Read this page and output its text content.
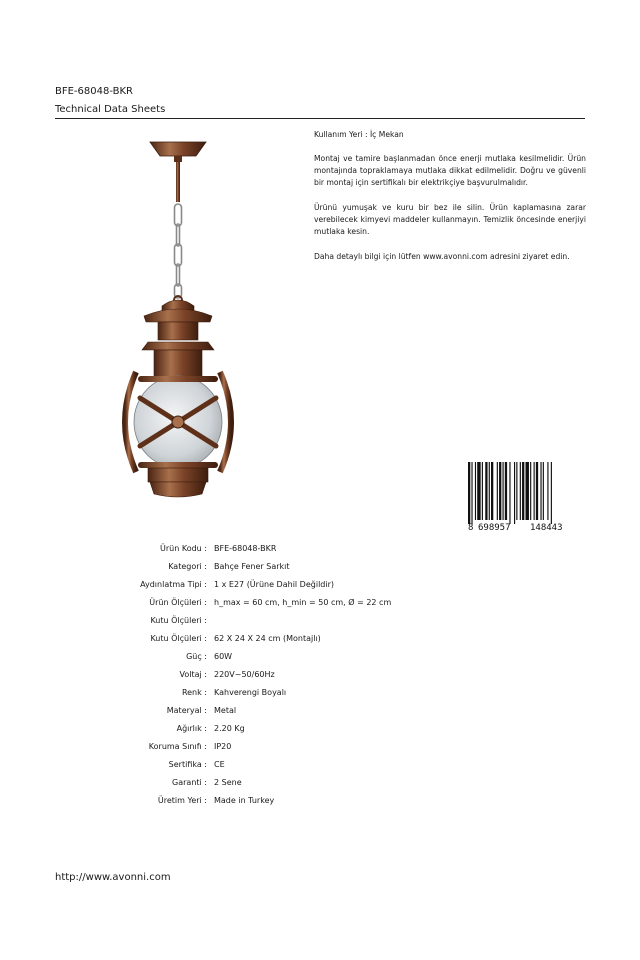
BFE-68048-BKR
Technical Data Sheets
Kullanım Yeri : İç Mekan
Montaj ve tamire başlanmadan önce enerji mutlaka kesilmelidir. Ürün montajında topraklamaya mutlaka dikkat edilmelidir. Doğru ve güvenli bir montaj için sertifikalı bir elektrikçiye başvurulmalıdır.
Ürünü yumuşak ve kuru bir bez ile silin. Ürün kaplamasına zarar verebilecek kimyevi maddeler kullanmayın. Temizlik öncesinde enerjiyi mutlaka kesin.
Daha detaylı bilgi için lütfen www.avonni.com adresini ziyaret edin.
8 698957 148443
Ürün Kodu : BFE-68048-BKR
Kategori : Bahçe Fener Sarkıt
Aydınlatma Tipi : 1 x E27 (Ürüne Dahil Değildir)
Ürün Ölçüleri : h_max = 60 cm, h_min = 50 cm, Ø = 22 cm
Kutu Ölçüleri :
Kutu Ölçüleri : 62 X 24 X 24 cm (Montajlı)
Güç : 60W
Voltaj : 220V~50/60Hz
Renk : Kahverengi Boyalı
Materyal : Metal
Ağırlık : 2.20 Kg
Koruma Sınıfı : IP20
Sertifika : CE
Garanti : 2 Sene
Üretim Yeri : Made in Turkey
http://www.avonni.com
